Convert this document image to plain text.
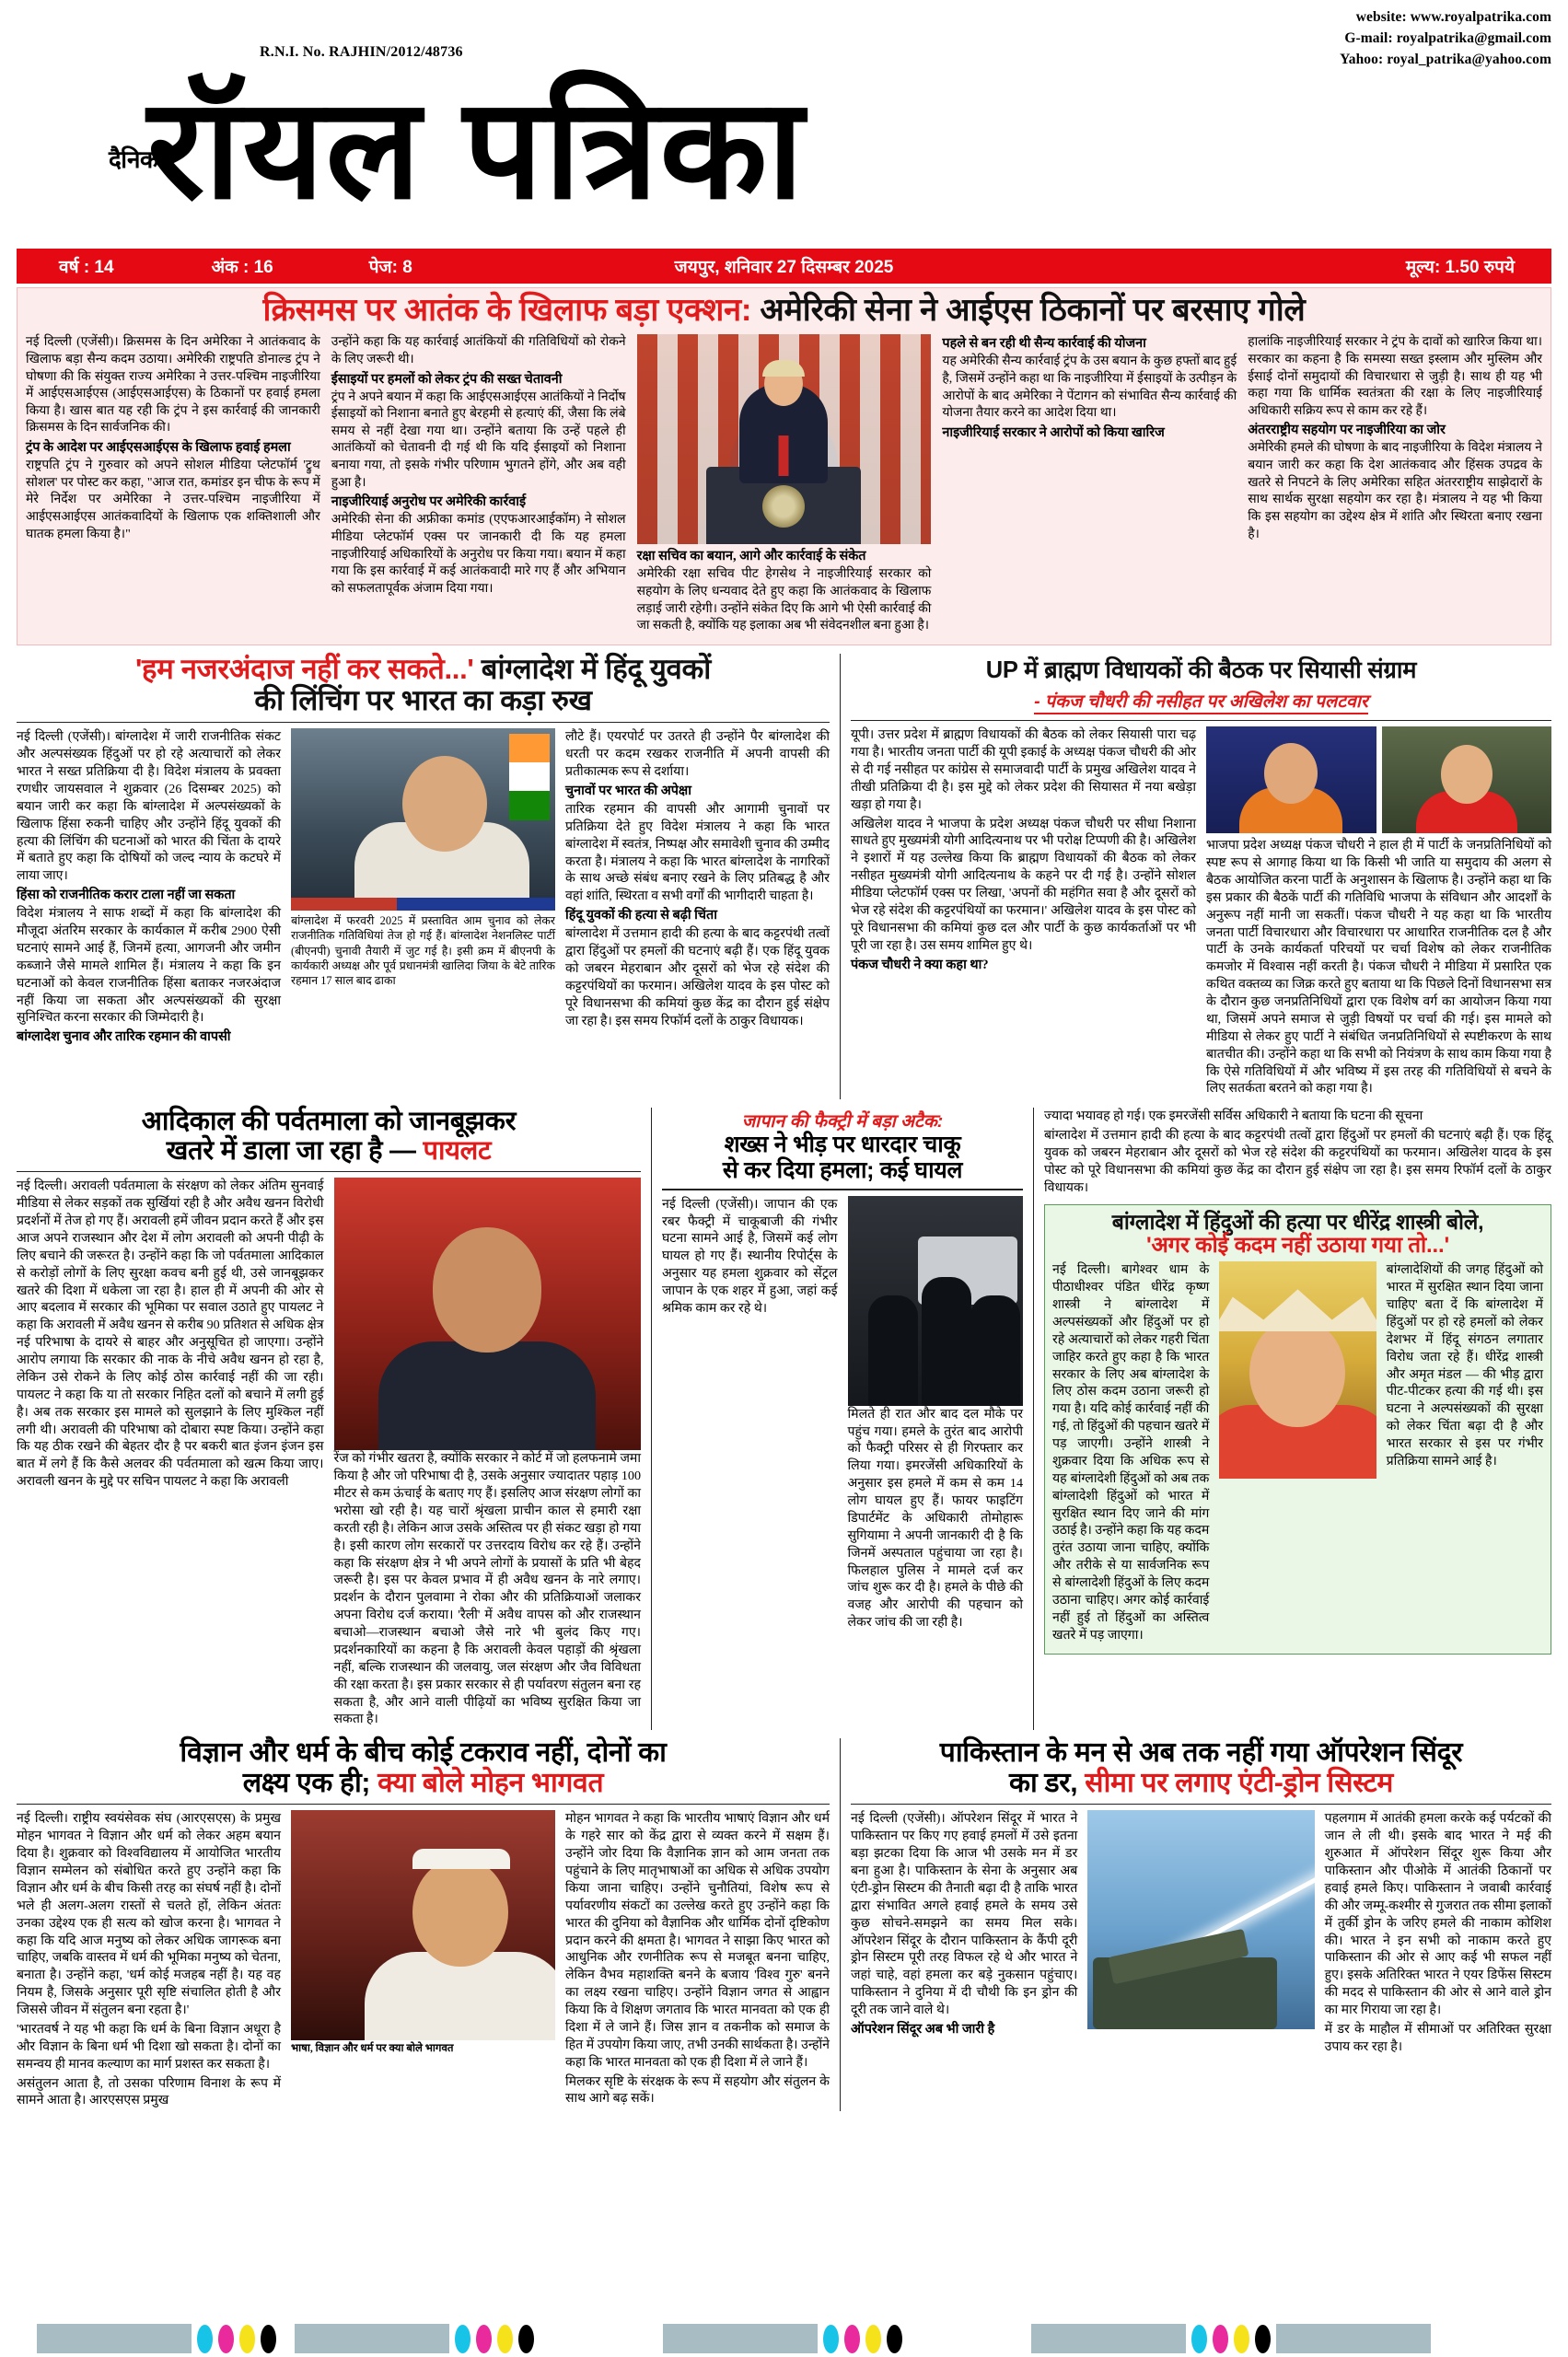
website: www.royalpatrika.com
G-mail: royalpatrika@gmail.com
Yahoo: royal_patrika@yahoo.com
R.N.I. No. RAJHIN/2012/48736
दैनिक
रॉयल पत्रिका
वर्ष : 14	अंक : 16	पेज: 8	जयपुर, शनिवार 27 दिसम्बर 2025	मूल्य: 1.50 रुपये
क्रिसमस पर आतंक के खिलाफ बड़ा एक्शन: अमेरिकी सेना ने आईएस ठिकानों पर बरसाए गोले

नई दिल्ली (एजेंसी)। क्रिसमस के दिन अमेरिका ने आतंकवाद के खिलाफ बड़ा सैन्य कदम उठाया। अमेरिकी राष्ट्रपति डोनाल्ड ट्रंप ने घोषणा की कि संयुक्त राज्य अमेरिका ने उत्तर-पश्चिम नाइजीरिया में आईएसआईएस (आईएसआईएस) के ठिकानों पर हवाई हमला किया है। खास बात यह रही कि ट्रंप ने इस कार्रवाई की जानकारी क्रिसमस के दिन सार्वजनिक की।

ट्रंप के आदेश पर आईएसआईएस के खिलाफ हवाई हमला

राष्ट्रपति ट्रंप ने गुरुवार को अपने सोशल मीडिया प्लेटफॉर्म 'ट्रुथ सोशल' पर पोस्ट कर कहा, "आज रात, कमांडर इन चीफ के रूप में मेरे निर्देश पर अमेरिका ने उत्तर-पश्चिम नाइजीरिया में आईएसआईएस आतंकवादियों के खिलाफ एक शक्तिशाली और घातक हमला किया है।"

उन्होंने कहा कि यह कार्रवाई आतंकियों की गतिविधियों को रोकने के लिए जरूरी थी।

ईसाइयों पर हमलों को लेकर ट्रंप की सख्त चेतावनी

ट्रंप ने अपने बयान में कहा कि आईएसआईएस आतंकियों ने निर्दोष ईसाइयों को निशाना बनाते हुए बेरहमी से हत्याएं कीं, जैसा कि लंबे समय से नहीं देखा गया था। उन्होंने बताया कि उन्हें पहले ही आतंकियों को चेतावनी दी गई थी कि यदि ईसाइयों को निशाना बनाया गया, तो इसके गंभीर परिणाम भुगतने होंगे, और अब वही हुआ है।

नाइजीरियाई अनुरोध पर अमेरिकी कार्रवाई

अमेरिकी सेना की अफ्रीका कमांड (एएफआरआईकॉम) ने सोशल मीडिया प्लेटफॉर्म एक्स पर जानकारी दी कि यह हमला नाइजीरियाई अधिकारियों के अनुरोध पर किया गया। बयान में कहा गया कि इस कार्रवाई में कई आतंकवादी मारे गए हैं और अभियान को सफलतापूर्वक अंजाम दिया गया।

रक्षा सचिव का बयान, आगे और कार्रवाई के संकेत

अमेरिकी रक्षा सचिव पीट हेगसेथ ने नाइजीरियाई सरकार को सहयोग के लिए धन्यवाद देते हुए कहा कि आतंकवाद के खिलाफ लड़ाई जारी रहेगी। उन्होंने संकेत दिए कि आगे भी ऐसी कार्रवाई की जा सकती है, क्योंकि यह इलाका अब भी संवेदनशील बना हुआ है।

पहले से बन रही थी सैन्य कार्रवाई की योजना

यह अमेरिकी सैन्य कार्रवाई ट्रंप के उस बयान के कुछ हफ्तों बाद हुई है, जिसमें उन्होंने कहा था कि नाइजीरिया में ईसाइयों के उत्पीड़न के आरोपों के बाद अमेरिका ने पेंटागन को संभावित सैन्य कार्रवाई की योजना तैयार करने का आदेश दिया था।

नाइजीरियाई सरकार ने आरोपों को किया खारिज

हालांकि नाइजीरियाई सरकार ने ट्रंप के दावों को खारिज किया था। सरकार का कहना है कि समस्या सख्त इस्लाम और मुस्लिम और ईसाई दोनों समुदायों की विचारधारा से जुड़ी है। साथ ही यह भी कहा गया कि धार्मिक स्वतंत्रता की रक्षा के लिए नाइजीरियाई अधिकारी सक्रिय रूप से काम कर रहे हैं।

अंतरराष्ट्रीय सहयोग पर नाइजीरिया का जोर

अमेरिकी हमले की घोषणा के बाद नाइजीरिया के विदेश मंत्रालय ने बयान जारी कर कहा कि देश आतंकवाद और हिंसक उपद्रव के खतरे से निपटने के लिए अमेरिका सहित अंतरराष्ट्रीय साझेदारों के साथ सार्थक सुरक्षा सहयोग कर रहा है। मंत्रालय ने यह भी किया कि इस सहयोग का उद्देश्य क्षेत्र में शांति और स्थिरता बनाए रखना है।

'हम नजरअंदाज नहीं कर सकते...' बांग्लादेश में हिंदू युवकों
की लिंचिंग पर भारत का कड़ा रुख

नई दिल्ली (एजेंसी)। बांग्लादेश में जारी राजनीतिक संकट और अल्पसंख्यक हिंदुओं पर हो रहे अत्याचारों को लेकर भारत ने सख्त प्रतिक्रिया दी है। विदेश मंत्रालय के प्रवक्ता रणधीर जायसवाल ने शुक्रवार (26 दिसम्बर 2025) को बयान जारी कर कहा कि बांग्लादेश में अल्पसंख्यकों के खिलाफ हिंसा रुकनी चाहिए और उन्होंने हिंदू युवकों की हत्या की लिंचिंग की घटनाओं को भारत की चिंता के दायरे में बताते हुए कहा कि दोषियों को जल्द न्याय के कटघरे में लाया जाए।

हिंसा को राजनीतिक करार टाला नहीं जा सकता

विदेश मंत्रालय ने साफ शब्दों में कहा कि बांग्लादेश की मौजूदा अंतरिम सरकार के कार्यकाल में करीब 2900 ऐसी घटनाएं सामने आई हैं, जिनमें हत्या, आगजनी और जमीन कब्जाने जैसे मामले शामिल हैं। मंत्रालय ने कहा कि इन घटनाओं को केवल राजनीतिक हिंसा बताकर नजरअंदाज नहीं किया जा सकता और अल्पसंख्यकों की सुरक्षा सुनिश्चित करना सरकार की जिम्मेदारी है।

बांग्लादेश चुनाव और तारिक रहमान की वापसी
बांग्लादेश में फरवरी 2025 में प्रस्तावित आम चुनाव को लेकर राजनीतिक गतिविधियां तेज हो गई हैं। बांग्लादेश नेशनलिस्ट पार्टी (बीएनपी) चुनावी तैयारी में जुट गई है। इसी क्रम में बीएनपी के कार्यकारी अध्यक्ष और पूर्व प्रधानमंत्री खालिदा जिया के बेटे तारिक रहमान 17 साल बाद ढाका

लौटे हैं। एयरपोर्ट पर उतरते ही उन्होंने पैर बांग्लादेश की धरती पर कदम रखकर राजनीति में अपनी वापसी की प्रतीकात्मक रूप से दर्शाया।

चुनावों पर भारत की अपेक्षा

तारिक रहमान की वापसी और आगामी चुनावों पर प्रतिक्रिया देते हुए विदेश मंत्रालय ने कहा कि भारत बांग्लादेश में स्वतंत्र, निष्पक्ष और समावेशी चुनाव की उम्मीद करता है। मंत्रालय ने कहा कि भारत बांग्लादेश के नागरिकों के साथ अच्छे संबंध बनाए रखने के लिए प्रतिबद्ध है और वहां शांति, स्थिरता व सभी वर्गों की भागीदारी चाहता है।

हिंदू युवकों की हत्या से बढ़ी चिंता

बांग्लादेश में उत्तमान हादी की हत्या के बाद कट्टरपंथी तत्वों द्वारा हिंदुओं पर हमलों की घटनाएं बढ़ी हैं। एक हिंदू युवक को जबरन मेहराबान और दूसरों को भेज रहे संदेश की कट्टरपंथियों का फरमान। अखिलेश यादव के इस पोस्ट को पूरे विधानसभा की कमियां कुछ केंद्र का दौरान हुई संक्षेप जा रहा है। इस समय रिफॉर्म दलों के ठाकुर विधायक।

UP में ब्राह्मण विधायकों की बैठक पर सियासी संग्राम
- पंकज चौधरी की नसीहत पर अखिलेश का पलटवार

यूपी। उत्तर प्रदेश में ब्राह्मण विधायकों की बैठक को लेकर सियासी पारा चढ़ गया है। भारतीय जनता पार्टी की यूपी इकाई के अध्यक्ष पंकज चौधरी की ओर से दी गई नसीहत पर कांग्रेस से समाजवादी पार्टी के प्रमुख अखिलेश यादव ने तीखी प्रतिक्रिया दी है। इस मुद्दे को लेकर प्रदेश की सियासत में नया बखेड़ा खड़ा हो गया है।

अखिलेश यादव ने भाजपा के प्रदेश अध्यक्ष पंकज चौधरी पर सीधा निशाना साधते हुए मुख्यमंत्री योगी आदित्यनाथ पर भी परोक्ष टिप्पणी की है। अखिलेश ने इशारों में यह उल्लेख किया कि ब्राह्मण विधायकों की बैठक को लेकर नसीहत मुख्यमंत्री योगी आदित्यनाथ के कहने पर दी गई है। उन्होंने सोशल मीडिया प्लेटफॉर्म एक्स पर लिखा, 'अपनों की महंगित सवा है और दूसरों को भेज रहे संदेश की कट्टरपंथियों का फरमान।' अखिलेश यादव के इस पोस्ट को पूरे विधानसभा की कमियां कुछ दल और पार्टी के कुछ कार्यकर्ताओं पर भी पूरी जा रहा है। उस समय शामिल हुए थे।

पंकज चौधरी ने क्या कहा था?

भाजपा प्रदेश अध्यक्ष पंकज चौधरी ने हाल ही में पार्टी के जनप्रतिनिधियों को स्पष्ट रूप से आगाह किया था कि किसी भी जाति या समुदाय की अलग से बैठक आयोजित करना पार्टी के अनुशासन के खिलाफ है। उन्होंने कहा था कि इस प्रकार की बैठकें पार्टी की गतिविधि भाजपा के संविधान और आदर्शों के अनुरूप नहीं मानी जा सकतीं। पंकज चौधरी ने यह कहा था कि भारतीय जनता पार्टी विचारधारा और विचारधारा पर आधारित राजनीतिक दल है और पार्टी के उनके कार्यकर्ता परिचयों पर चर्चा विशेष को लेकर राजनीतिक कमजोर में विश्वास नहीं करती है। पंकज चौधरी ने मीडिया में प्रसारित एक कथित वक्तव्य का जिक्र करते हुए बताया था कि पिछले दिनों विधानसभा सत्र के दौरान कुछ जनप्रतिनिधियों द्वारा एक विशेष वर्ग का आयोजन किया गया था, जिसमें अपने समाज से जुड़ी विषयों पर चर्चा की गई। इस मामले को मीडिया से लेकर हुए पार्टी ने संबंधित जनप्रतिनिधियों से स्पष्टीकरण के साथ बातचीत की। उन्होंने कहा था कि सभी को नियंत्रण के साथ काम किया गया है कि ऐसे गतिविधियों में और भविष्य में इस तरह की गतिविधियों से बचने के लिए सतर्कता बरतने को कहा गया है।

आदिकाल की पर्वतमाला को जानबूझकर
खतरे में डाला जा रहा है — पायलट

नई दिल्ली। अरावली पर्वतमाला के संरक्षण को लेकर अंतिम सुनवाई मीडिया से लेकर सड़कों तक सुर्खियां रही है और अवैध खनन विरोधी प्रदर्शनों में तेज हो गए हैं। अरावली हमें जीवन प्रदान करते हैं और इस आज अपने राजस्थान और देश में लोग अरावली को अपनी पीढ़ी के लिए बचाने की जरूरत है। उन्होंने कहा कि जो पर्वतमाला आदिकाल से करोड़ों लोगों के लिए सुरक्षा कवच बनी हुई थी, उसे जानबूझकर खतरे की दिशा में धकेला जा रहा है। हाल ही में अपनी की ओर से आए बदलाव में सरकार की भूमिका पर सवाल उठाते हुए पायलट ने कहा कि अरावली में अवैध खनन से करीब 90 प्रतिशत से अधिक क्षेत्र नई परिभाषा के दायरे से बाहर और अनुसूचित हो जाएगा। उन्होंने आरोप लगाया कि सरकार की नाक के नीचे अवैध खनन हो रहा है, लेकिन उसे रोकने के लिए कोई ठोस कार्रवाई नहीं की जा रही। पायलट ने कहा कि या तो सरकार निहित दलों को बचाने में लगी हुई है। अब तक सरकार इस मामले को सुलझाने के लिए मुश्किल नहीं लगी थी। अरावली की परिभाषा को दोबारा स्पष्ट किया। उन्होंने कहा कि यह ठीक रखने की बेहतर दौर है पर बकरी बात इंजन इंजन इस बात में लगे हैं कि कैसे अलवर की पर्वतमाला को खत्म किया जाए। अरावली खनन के मुद्दे पर सचिन पायलट ने कहा कि अरावली

रेंज को गंभीर खतरा है, क्योंकि सरकार ने कोर्ट में जो हलफनामे जमा किया है और जो परिभाषा दी है, उसके अनुसार ज्यादातर पहाड़ 100 मीटर से कम ऊंचाई के बताए गए हैं। इसलिए आज संरक्षण लोगों का भरोसा खो रही है। यह चारों श्रृंखला प्राचीन काल से हमारी रक्षा करती रही है। लेकिन आज उसके अस्तित्व पर ही संकट खड़ा हो गया है। इसी कारण लोग सरकारों पर उत्तरदाय विरोध कर रहे हैं। उन्होंने कहा कि संरक्षण क्षेत्र ने भी अपने लोगों के प्रयासों के प्रति भी बेहद जरूरी है। इस पर केवल प्रभाव में ही अवैध खनन के नारे लगाए। प्रदर्शन के दौरान पुलवामा ने रोका और की प्रतिक्रियाओं जलाकर अपना विरोध दर्ज कराया। 'रैली' में अवैध वापस को और राजस्थान बचाओ—राजस्थान बचाओ जैसे नारे भी बुलंद किए गए। प्रदर्शनकारियों का कहना है कि अरावली केवल पहाड़ों की श्रृंखला नहीं, बल्कि राजस्थान की जलवायु, जल संरक्षण और जैव विविधता की रक्षा करता है। इस प्रकार सरकार से ही पर्यावरण संतुलन बना रह सकता है, और आने वाली पीढ़ियों का भविष्य सुरक्षित किया जा सकता है।

जापान की फैक्ट्री में बड़ा अटैक:
शख्स ने भीड़ पर धारदार चाकू
से कर दिया हमला; कई घायल

नई दिल्ली (एजेंसी)। जापान की एक रबर फैक्ट्री में चाकूबाजी की गंभीर घटना सामने आई है, जिसमें कई लोग घायल हो गए हैं। स्थानीय रिपोर्ट्स के अनुसार यह हमला शुक्रवार को सेंट्रल जापान के एक शहर में हुआ, जहां कई श्रमिक काम कर रहे थे।

मिलते ही रात और बाद दल मौके पर पहुंच गया। हमले के तुरंत बाद आरोपी को फैक्ट्री परिसर से ही गिरफ्तार कर लिया गया। इमरजेंसी अधिकारियों के अनुसार इस हमले में कम से कम 14 लोग घायल हुए हैं। फायर फाइटिंग डिपार्टमेंट के अधिकारी तोमोहारू सुगियामा ने अपनी जानकारी दी है कि जिनमें अस्पताल पहुंचाया जा रहा है। फिलहाल पुलिस ने मामले दर्ज कर जांच शुरू कर दी है। हमले के पीछे की वजह और आरोपी की पहचान को लेकर जांच की जा रही है।

ज्यादा भयावह हो गई। एक इमरजेंसी सर्विस अधिकारी ने बताया कि घटना की सूचना

बांग्लादेश में उत्तमान हादी की हत्या के बाद कट्टरपंथी तत्वों द्वारा हिंदुओं पर हमलों की घटनाएं बढ़ी हैं। एक हिंदू युवक को जबरन मेहराबान और दूसरों को भेज रहे संदेश की कट्टरपंथियों का फरमान। अखिलेश यादव के इस पोस्ट को पूरे विधानसभा की कमियां कुछ केंद्र का दौरान हुई संक्षेप जा रहा है। इस समय रिफॉर्म दलों के ठाकुर विधायक।

बांग्लादेश में हिंदुओं की हत्या पर धीरेंद्र शास्त्री बोले,
'अगर कोई कदम नहीं उठाया गया तो...'

नई दिल्ली। बागेश्वर धाम के पीठाधीश्वर पंडित धीरेंद्र कृष्ण शास्त्री ने बांग्लादेश में अल्पसंख्यकों और हिंदुओं पर हो रहे अत्याचारों को लेकर गहरी चिंता जाहिर करते हुए कहा है कि भारत सरकार के लिए अब बांग्लादेश के लिए ठोस कदम उठाना जरूरी हो गया है। यदि कोई कार्रवाई नहीं की गई, तो हिंदुओं की पहचान खतरे में पड़ जाएगी। उन्होंने शास्त्री ने शुक्रवार दिया कि अधिक रूप से यह बांग्लादेशी हिंदुओं को अब तक बांग्लादेशी हिंदुओं को भारत में सुरक्षित स्थान दिए जाने की मांग उठाई है। उन्होंने कहा कि यह कदम तुरंत उठाया जाना चाहिए, क्योंकि और तरीके से या सार्वजनिक रूप से बांग्लादेशी हिंदुओं के लिए कदम उठाना चाहिए। अगर कोई कार्रवाई नहीं हुई तो हिंदुओं का अस्तित्व खतरे में पड़ जाएगा।

बांग्लादेशियों की जगह हिंदुओं को भारत में सुरक्षित स्थान दिया जाना चाहिए' बता दें कि बांग्लादेश में हिंदुओं पर हो रहे हमलों को लेकर देशभर में हिंदू संगठन लगातार विरोध जता रहे हैं। धीरेंद्र शास्त्री और अमृत मंडल — की भीड़ द्वारा पीट-पीटकर हत्या की गई थी। इस घटना ने अल्पसंख्यकों की सुरक्षा को लेकर चिंता बढ़ा दी है और भारत सरकार से इस पर गंभीर प्रतिक्रिया सामने आई है।

विज्ञान और धर्म के बीच कोई टकराव नहीं, दोनों का
लक्ष्य एक ही; क्या बोले मोहन भागवत

नई दिल्ली। राष्ट्रीय स्वयंसेवक संघ (आरएसएस) के प्रमुख मोहन भागवत ने विज्ञान और धर्म को लेकर अहम बयान दिया है। शुक्रवार को विश्वविद्यालय में आयोजित भारतीय विज्ञान सम्मेलन को संबोधित करते हुए उन्होंने कहा कि विज्ञान और धर्म के बीच किसी तरह का संघर्ष नहीं है। दोनों भले ही अलग-अलग रास्तों से चलते हों, लेकिन अंततः उनका उद्देश्य एक ही सत्य को खोज करना है। भागवत ने कहा कि यदि आज मनुष्य को लेकर अधिक जागरूक बना चाहिए, जबकि वास्तव में धर्म की भूमिका मनुष्य को चेतना, बनाता है। उन्होंने कहा, 'धर्म कोई मजहब नहीं है। यह वह नियम है, जिसके अनुसार पूरी सृष्टि संचालित होती है और जिससे जीवन में संतुलन बना रहता है।'

'भारतवर्ष ने यह भी कहा कि धर्म के बिना विज्ञान अधूरा है और विज्ञान के बिना धर्म भी दिशा खो सकता है। दोनों का समन्वय ही मानव कल्याण का मार्ग प्रशस्त कर सकता है।

असंतुलन आता है, तो उसका परिणाम विनाश के रूप में सामने आता है। आरएसएस प्रमुख

भाषा, विज्ञान और धर्म पर क्या बोले भागवत

मोहन भागवत ने कहा कि भारतीय भाषाएं विज्ञान और धर्म के गहरे सार को केंद्र द्वारा से व्यक्त करने में सक्षम हैं। उन्होंने जोर दिया कि वैज्ञानिक ज्ञान को आम जनता तक पहुंचाने के लिए मातृभाषाओं का अधिक से अधिक उपयोग किया जाना चाहिए। उन्होंने चुनौतियां, विशेष रूप से पर्यावरणीय संकटों का उल्लेख करते हुए उन्होंने कहा कि भारत की दुनिया को वैज्ञानिक और धार्मिक दोनों दृष्टिकोण प्रदान करने की क्षमता है। भागवत ने साझा किए भारत को आधुनिक और रणनीतिक रूप से मजबूत बनना चाहिए, लेकिन वैभव महाशक्ति बनने के बजाय 'विश्व गुरु' बनने का लक्ष्य रखना चाहिए। उन्होंने विज्ञान जगत से आह्वान किया कि वे शिक्षण जगताव कि भारत मानवता को एक ही दिशा में ले जाने हैं। जिस ज्ञान व तकनीक को समाज के हित में उपयोग किया जाए, तभी उनकी सार्थकता है। उन्होंने कहा कि भारत मानवता को एक ही दिशा में ले जाने हैं।

मिलकर सृष्टि के संरक्षक के रूप में सहयोग और संतुलन के साथ आगे बढ़ सकें।

पाकिस्तान के मन से अब तक नहीं गया ऑपरेशन सिंदूर
का डर, सीमा पर लगाए एंटी-ड्रोन सिस्टम

नई दिल्ली (एजेंसी)। ऑपरेशन सिंदूर में भारत ने पाकिस्तान पर किए गए हवाई हमलों में उसे इतना बड़ा झटका दिया कि आज भी उसके मन में डर बना हुआ है। पाकिस्तान के सेना के अनुसार अब एंटी-ड्रोन सिस्टम की तैनाती बढ़ा दी है ताकि भारत द्वारा संभावित अगले हवाई हमले के समय उसे कुछ सोचने-समझने का समय मिल सके। ऑपरेशन सिंदूर के दौरान पाकिस्तान के कैंपी दूरी ड्रोन सिस्टम पूरी तरह विफल रहे थे और भारत ने जहां चाहे, वहां हमला कर बड़े नुकसान पहुंचाए। पाकिस्तान ने दुनिया में दी चौथी कि इन ड्रोन की दूरी तक जाने वाले थे।

ऑपरेशन सिंदूर अब भी जारी है

पहलगाम में आतंकी हमला करके कई पर्यटकों की जान ले ली थी। इसके बाद भारत ने मई की शुरुआत में ऑपरेशन सिंदूर शुरू किया और पाकिस्तान और पीओके में आतंकी ठिकानों पर हवाई हमले किए। पाकिस्तान ने जवाबी कार्रवाई की और जम्मू-कश्मीर से गुजरात तक सीमा इलाकों में तुर्की ड्रोन के जरिए हमले की नाकाम कोशिश की। भारत ने इन सभी को नाकाम करते हुए पाकिस्तान की ओर से आए कई भी सफल नहीं हुए। इसके अतिरिक्त भारत ने एयर डिफेंस सिस्टम की मदद से पाकिस्तान की ओर से आने वाले ड्रोन का मार गिराया जा रहा है।

में डर के माहौल में सीमाओं पर अतिरिक्त सुरक्षा उपाय कर रहा है।
